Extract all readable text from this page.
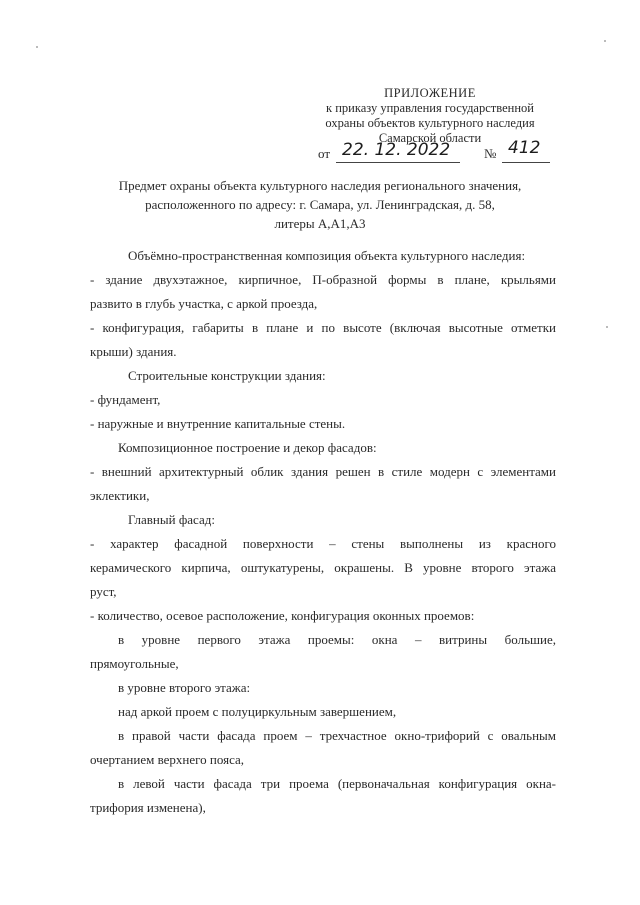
ПРИЛОЖЕНИЕ
к приказу управления государственной
охраны объектов культурного наследия
Самарской области
от 22. 12. 2022	№ 412
Предмет охраны объекта культурного наследия регионального значения,
расположенного по адресу: г. Самара, ул. Ленинградская, д. 58,
литеры А,А1,А3
Объёмно-пространственная композиция объекта культурного наследия:
- здание двухэтажное, кирпичное, П-образной формы в плане, крыльями
развито в глубь участка, с аркой проезда,
- конфигурация, габариты в плане и по высоте (включая высотные отметки
крыши) здания.
Строительные конструкции здания:
- фундамент,
- наружные и внутренние капитальные стены.
Композиционное построение и декор фасадов:
- внешний архитектурный облик здания решен в стиле модерн с элементами
эклектики,
Главный фасад:
- характер фасадной поверхности – стены выполнены из красного
керамического кирпича, оштукатурены, окрашены. В уровне второго этажа
руст,
- количество, осевое расположение, конфигурация оконных проемов:
в уровне первого этажа проемы: окна – витрины большие,
прямоугольные,
в уровне второго этажа:
над аркой проем с полуциркульным завершением,
в правой части фасада проем – трехчастное окно-трифорий с овальным
очертанием верхнего пояса,
в левой части фасада три проема (первоначальная конфигурация окна-
трифория изменена),
